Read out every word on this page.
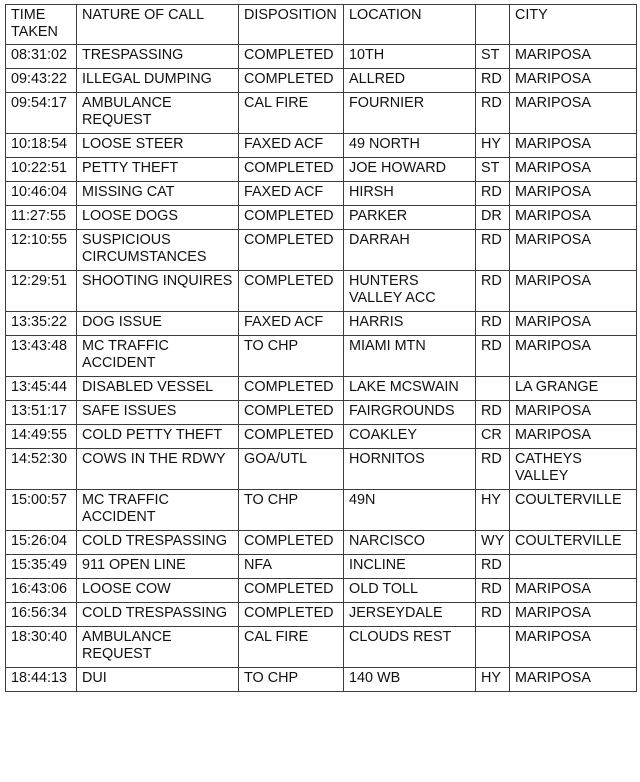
TIME TAKEN	NATURE OF CALL	DISPOSITION	LOCATION		CITY
08:31:02	TRESPASSING	COMPLETED	10TH	ST	MARIPOSA
09:43:22	ILLEGAL DUMPING	COMPLETED	ALLRED	RD	MARIPOSA
09:54:17	AMBULANCE REQUEST	CAL FIRE	FOURNIER	RD	MARIPOSA
10:18:54	LOOSE STEER	FAXED ACF	49 NORTH	HY	MARIPOSA
10:22:51	PETTY THEFT	COMPLETED	JOE HOWARD	ST	MARIPOSA
10:46:04	MISSING CAT	FAXED ACF	HIRSH	RD	MARIPOSA
11:27:55	LOOSE DOGS	COMPLETED	PARKER	DR	MARIPOSA
12:10:55	SUSPICIOUS CIRCUMSTANCES	COMPLETED	DARRAH	RD	MARIPOSA
12:29:51	SHOOTING INQUIRES	COMPLETED	HUNTERS VALLEY ACC	RD	MARIPOSA
13:35:22	DOG ISSUE	FAXED ACF	HARRIS	RD	MARIPOSA
13:43:48	MC TRAFFIC ACCIDENT	TO CHP	MIAMI MTN	RD	MARIPOSA
13:45:44	DISABLED VESSEL	COMPLETED	LAKE MCSWAIN		LA GRANGE
13:51:17	SAFE ISSUES	COMPLETED	FAIRGROUNDS	RD	MARIPOSA
14:49:55	COLD PETTY THEFT	COMPLETED	COAKLEY	CR	MARIPOSA
14:52:30	COWS IN THE RDWY	GOA/UTL	HORNITOS	RD	CATHEYS VALLEY
15:00:57	MC TRAFFIC ACCIDENT	TO CHP	49N	HY	COULTERVILLE
15:26:04	COLD TRESPASSING	COMPLETED	NARCISCO	WY	COULTERVILLE
15:35:49	911 OPEN LINE	NFA	INCLINE	RD	
16:43:06	LOOSE COW	COMPLETED	OLD TOLL	RD	MARIPOSA
16:56:34	COLD TRESPASSING	COMPLETED	JERSEYDALE	RD	MARIPOSA
18:30:40	AMBULANCE REQUEST	CAL FIRE	CLOUDS REST		MARIPOSA
18:44:13	DUI	TO CHP	140 WB	HY	MARIPOSA
